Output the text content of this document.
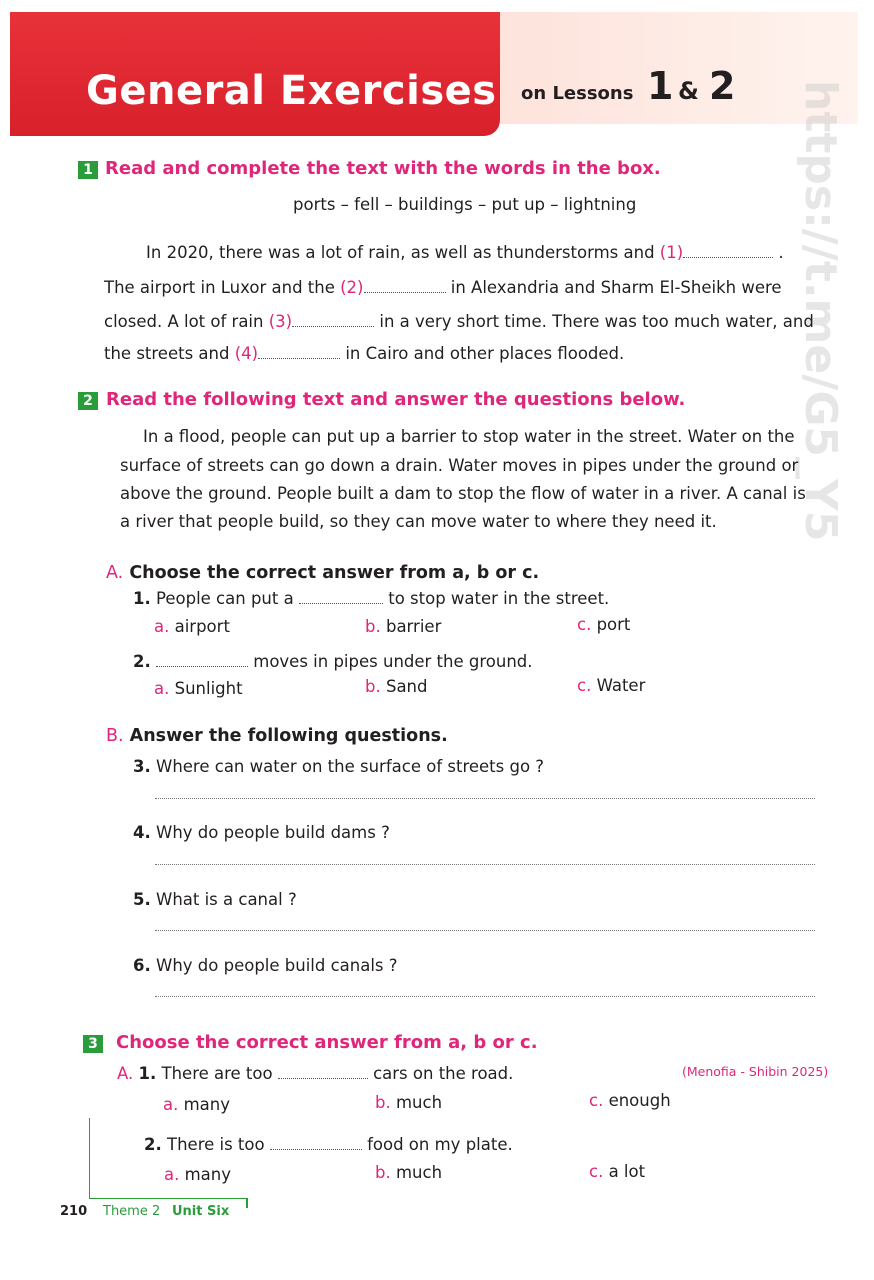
General Exercises on Lessons 1 & 2 https://t.me/G5_Y5
1 Read and complete the text with the words in the box.
ports – fell – buildings – put up – lightning
In 2020, there was a lot of rain, as well as thunderstorms and (1)	.
The airport in Luxor and the (2)	in Alexandria and Sharm El-Sheikh were
closed. A lot of rain (3)	in a very short time. There was too much water, and
the streets and (4)	in Cairo and other places flooded.
2 Read the following text and answer the questions below.
In a flood, people can put up a barrier to stop water in the street. Water on the
surface of streets can go down a drain. Water moves in pipes under the ground or
above the ground. People built a dam to stop the flow of water in a river. A canal is
a river that people build, so they can move water to where they need it.
A. Choose the correct answer from a, b or c.
1. People can put a	to stop water in the street.
a. airport	b. barrier	c. port
2.	moves in pipes under the ground.
a. Sunlight	b. Sand	c. Water
B. Answer the following questions.
3. Where can water on the surface of streets go ?
4. Why do people build dams ?
5. What is a canal ?
6. Why do people build canals ?
3 Choose the correct answer from a, b or c.
A. 1. There are too	cars on the road.	(Menofia - Shibin 2025)
a. many	b. much	c. enough
2. There is too	food on my plate.
a. many	b. much	c. a lot
210 Theme 2 Unit Six
